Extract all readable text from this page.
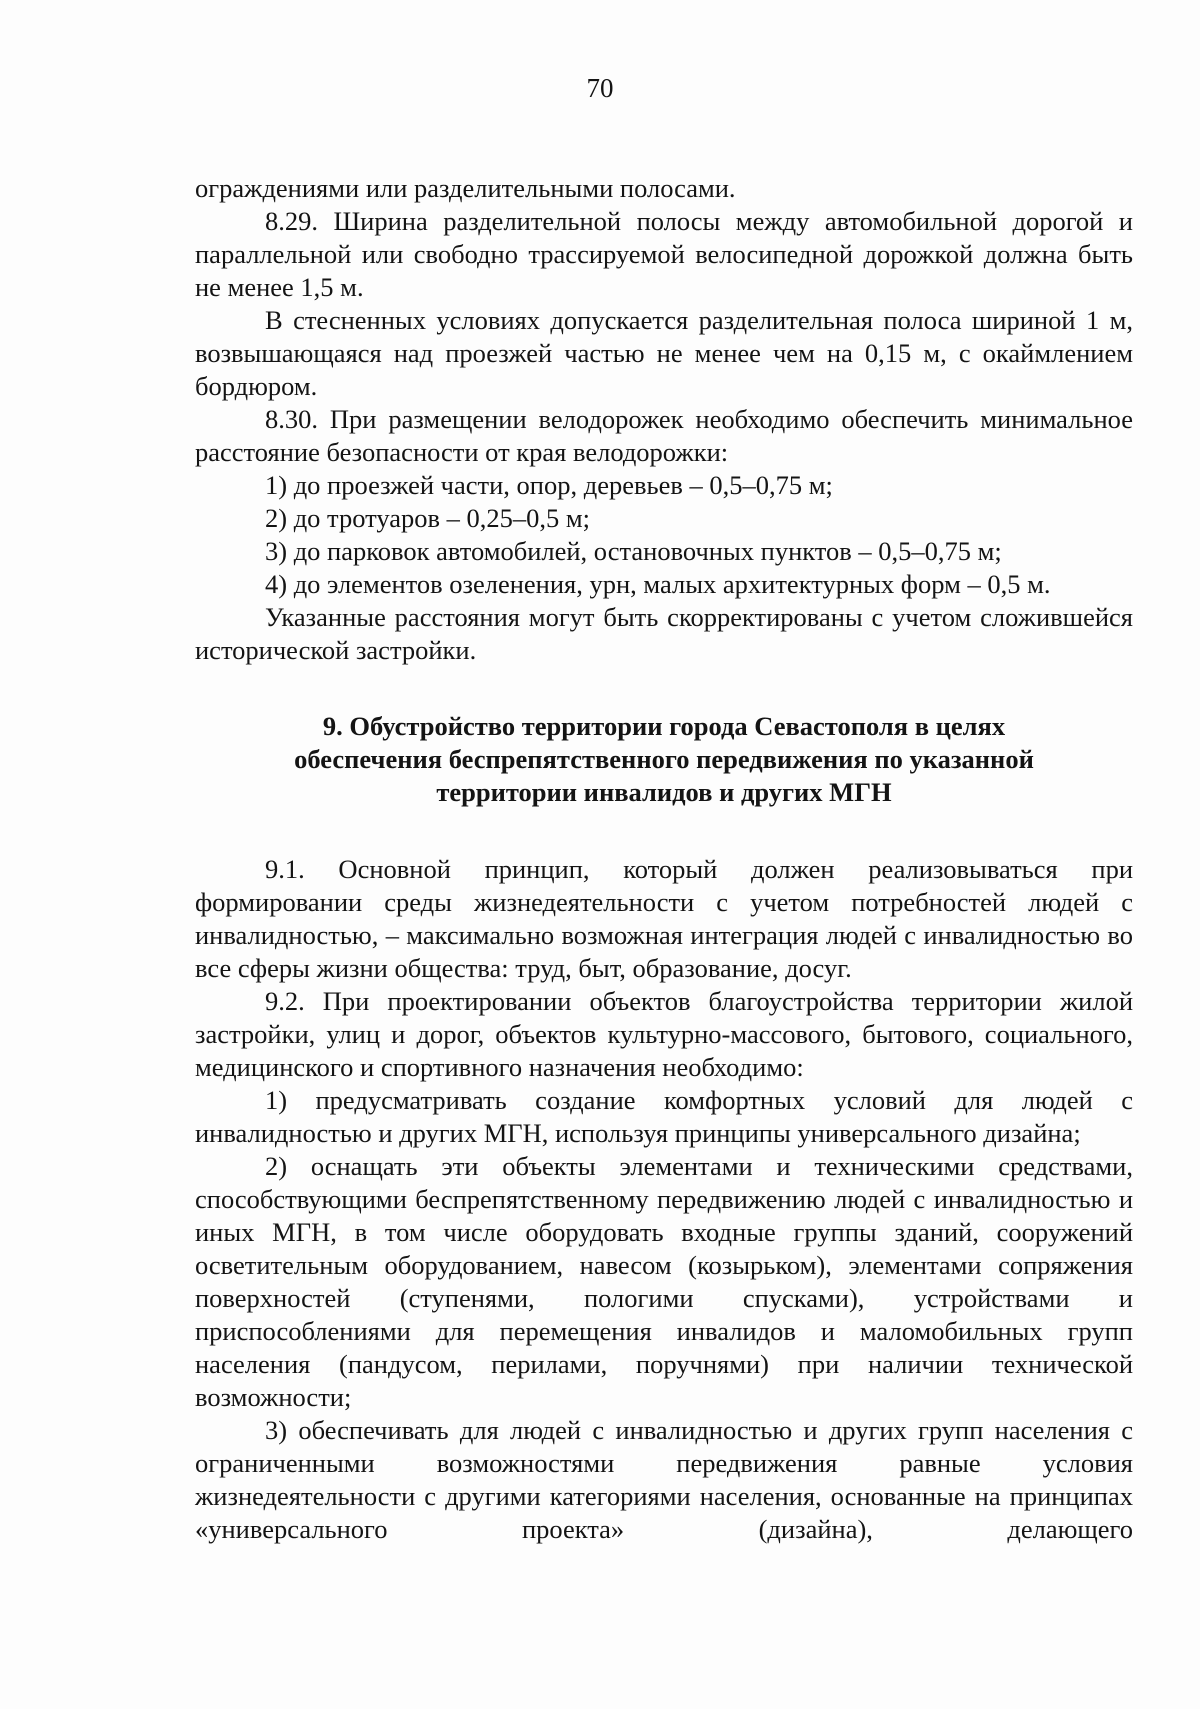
70

ограждениями или разделительными полосами.

8.29. Ширина разделительной полосы между автомобильной дорогой и параллельной или свободно трассируемой велосипедной дорожкой должна быть не менее 1,5 м.

В стесненных условиях допускается разделительная полоса шириной 1 м, возвышающаяся над проезжей частью не менее чем на 0,15 м, с окаймлением бордюром.

8.30. При размещении велодорожек необходимо обеспечить минимальное расстояние безопасности от края велодорожки:

1) до проезжей части, опор, деревьев – 0,5–0,75 м;

2) до тротуаров – 0,25–0,5 м;

3) до парковок автомобилей, остановочных пунктов – 0,5–0,75 м;

4) до элементов озеленения, урн, малых архитектурных форм – 0,5 м.

Указанные расстояния могут быть скорректированы с учетом сложившейся исторической застройки.

9. Обустройство территории города Севастополя в целях
обеспечения беспрепятственного передвижения по указанной
территории инвалидов и других МГН

9.1. Основной принцип, который должен реализовываться при формировании среды жизнедеятельности с учетом потребностей людей с инвалидностью, – максимально возможная интеграция людей с инвалидностью во все сферы жизни общества: труд, быт, образование, досуг.

9.2. При проектировании объектов благоустройства территории жилой застройки, улиц и дорог, объектов культурно-массового, бытового, социального, медицинского и спортивного назначения необходимо:

1) предусматривать создание комфортных условий для людей с инвалидностью и других МГН, используя принципы универсального дизайна;

2) оснащать эти объекты элементами и техническими средствами, способствующими беспрепятственному передвижению людей с инвалидностью и иных МГН, в том числе оборудовать входные группы зданий, сооружений осветительным оборудованием, навесом (козырьком), элементами сопряжения поверхностей (ступенями, пологими спусками), устройствами и приспособлениями для перемещения инвалидов и маломобильных групп населения (пандусом, перилами, поручнями) при наличии технической возможности;

3) обеспечивать для людей с инвалидностью и других групп населения с ограниченными возможностями передвижения равные условия жизнедеятельности с другими категориями населения, основанные на принципах «универсального проекта» (дизайна), делающего
